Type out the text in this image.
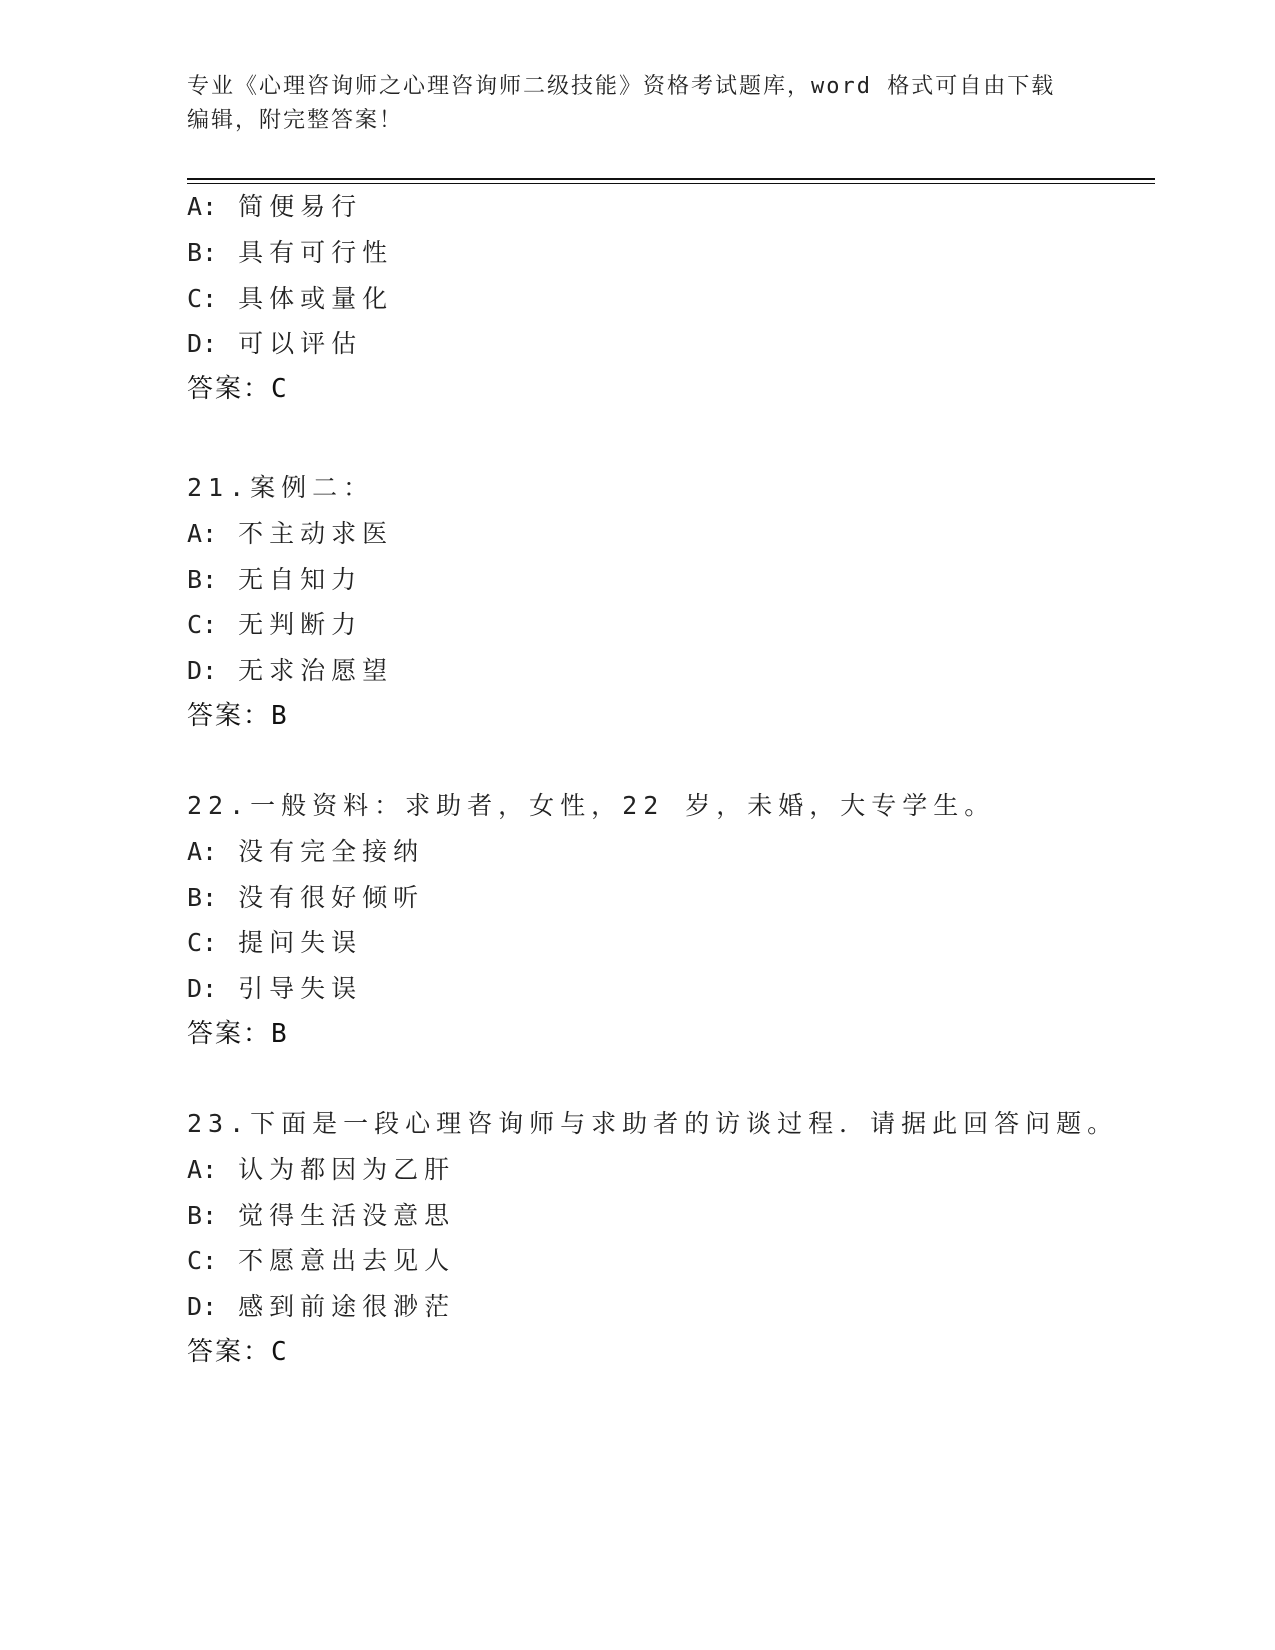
专业《心理咨询师之心理咨询师二级技能》资格考试题库，word 格式可自由下载
编辑，附完整答案！
A: 简便易行
B: 具有可行性
C: 具体或量化
D: 可以评估
答案：C
21.案例二：
A: 不主动求医
B: 无自知力
C: 无判断力
D: 无求治愿望
答案：B
22.一般资料：求助者，女性，22 岁，未婚，大专学生。
A: 没有完全接纳
B: 没有很好倾听
C: 提问失误
D: 引导失误
答案：B
23.下面是一段心理咨询师与求助者的访谈过程．请据此回答问题。
A: 认为都因为乙肝
B: 觉得生活没意思
C: 不愿意出去见人
D: 感到前途很渺茫
答案：C
